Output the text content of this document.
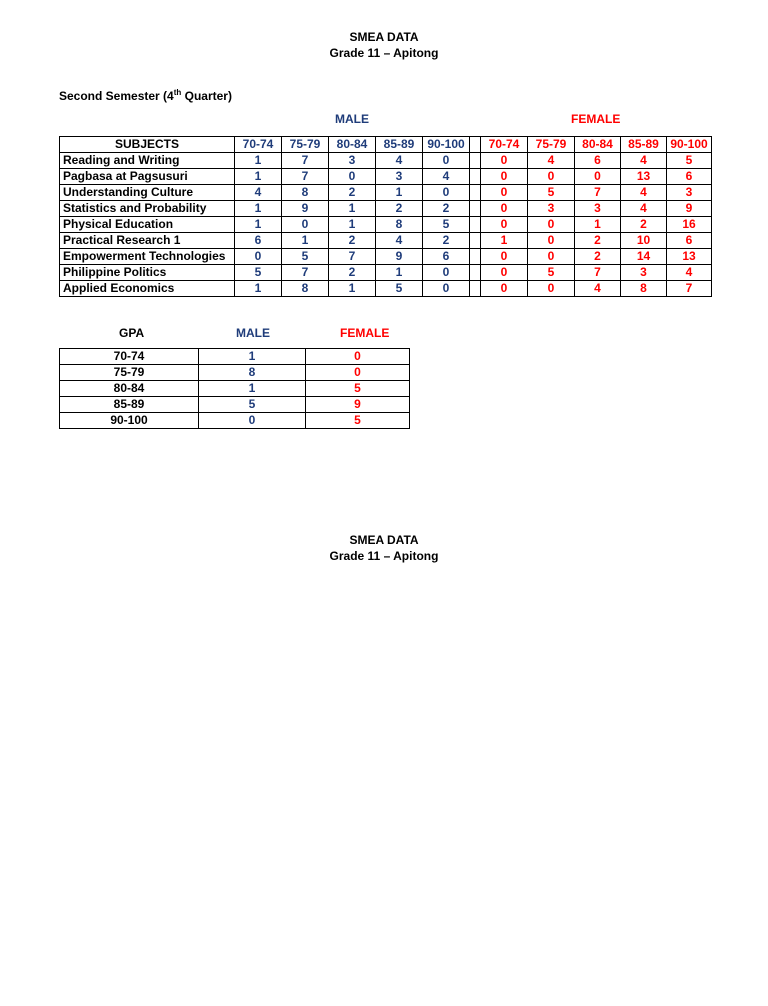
SMEA DATA
Grade 11 – Apitong
Second Semester (4th Quarter)
MALE	FEMALE
SUBJECTS	70-74	75-79	80-84	85-89	90-100		70-74	75-79	80-84	85-89	90-100
Reading and Writing	1	7	3	4	0		0	4	6	4	5
Pagbasa at Pagsusuri	1	7	0	3	4		0	0	0	13	6
Understanding Culture	4	8	2	1	0		0	5	7	4	3
Statistics and Probability	1	9	1	2	2		0	3	3	4	9
Physical Education	1	0	1	8	5		0	0	1	2	16
Practical Research 1	6	1	2	4	2		1	0	2	10	6
Empowerment Technologies	0	5	7	9	6		0	0	2	14	13
Philippine Politics	5	7	2	1	0		0	5	7	3	4
Applied Economics	1	8	1	5	0		0	0	4	8	7
GPA	MALE	FEMALE
70-74	1	0
75-79	8	0
80-84	1	5
85-89	5	9
90-100	0	5
SMEA DATA
Grade 11 – Apitong
